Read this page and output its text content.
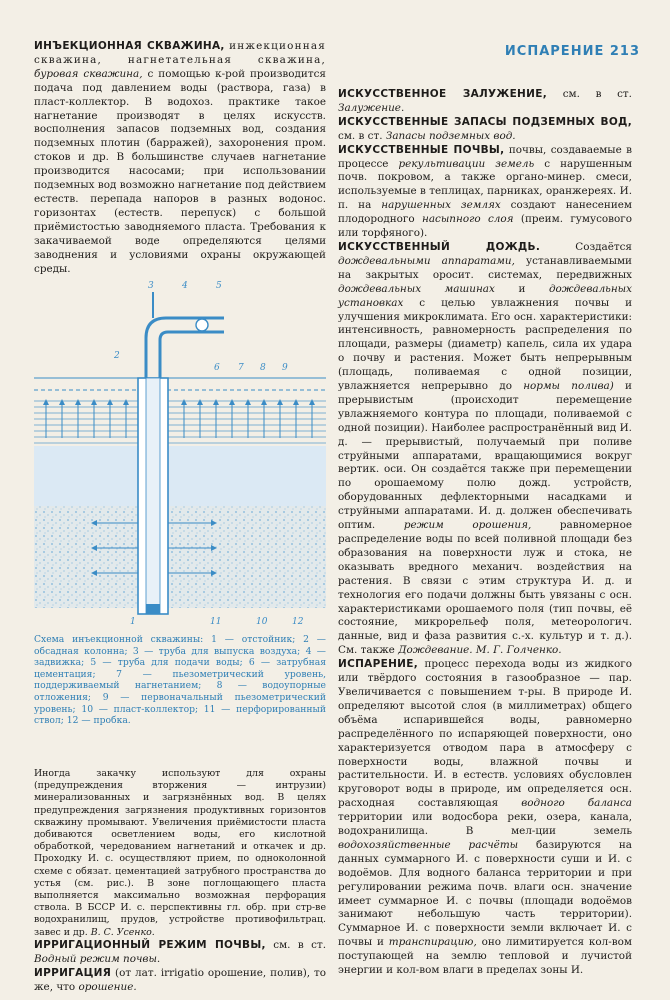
ИСПАРЕНИЕ 213

ИНЪЕКЦИОННАЯ СКВАЖИНА, инжекционная скважина, нагнетательная скважина, буровая скважина, с помощью к-рой производится подача под давлением воды (раствора, газа) в пласт-коллектор. В водохоз. практике такое нагнетание производят в целях искусств. восполнения запасов подземных вод, создания подземных плотин (барражей), захоронения пром. стоков и др. В большинстве случаев нагнетание производится насосами; при использовании подземных вод возможно нагнетание под действием естеств. перепада напоров в разных водонос. горизонтах (естеств. перепуск) с большой приёмистостью заводняемого пласта. Требования к закачиваемой воде определяются целями заводнения и условиями охраны окружающей среды.

3	4	5
2
6 7 8 9
1	11	10	12
Схема инъекционной скважины: 1 — отстойник; 2 — обсадная колонна; 3 — труба для выпуска воздуха; 4 — задвижка; 5 — труба для подачи воды; 6 — затрубная цементация; 7 — пьезометрический уровень, поддерживаемый нагнетанием; 8 — водоупорные отложения; 9 — первоначальный пьезометрический уровень; 10 — пласт-коллектор; 11 — перфорированный ствол; 12 — пробка.

Иногда закачку используют для охраны (предупреждения вторжения — интрузии) минерализованных и загрязнённых вод. В целях предупреждения загрязнения продуктивных горизонтов скважину промывают. Увеличения приёмистости пласта добиваются осветлением воды, его кислотной обработкой, чередованием нагнетаний и откачек и др. Проходку И. с. осуществляют прием, по одноколонной схеме с обязат. цементацией затрубного пространства до устья (см. рис.). В зоне поглощающего пласта выполняется максимально возможная перфорация ствола. В БССР И. с. перспективны гл. обр. при стр-ве водохранилищ, прудов, устройстве противофильтрац. завес и др. В. С. Усенко.

ИРРИГАЦИОННЫЙ РЕЖИМ ПОЧВЫ, см. в ст. Водный режим почвы.

ИРРИГАЦИЯ (от лат. irrigatio орошение, полив), то же, что орошение.

ИСКУССТВЕННОЕ ЗАЛУЖЕНИЕ, см. в ст. Залужение.

ИСКУССТВЕННЫЕ ЗАПАСЫ ПОДЗЕМНЫХ ВОД, см. в ст. Запасы подземных вод.

ИСКУССТВЕННЫЕ ПОЧВЫ, почвы, создаваемые в процессе рекультивации земель с нарушенным почв. покровом, а также органо-минер. смеси, используемые в теплицах, парниках, оранжереях. И. п. на нарушенных землях создают нанесением плодородного насыпного слоя (преим. гумусового или торфяного).

ИСКУССТВЕННЫЙ ДОЖДЬ.	Создаётся дождевальными аппаратами, устанавливаемыми на закрытых оросит. системах, передвижных дождевальных машинах и дождевальных установках с целью увлажнения почвы и улучшения микроклимата. Его осн. характеристики: интенсивность, равномерность распределения по площади, размеры (диаметр) капель, сила их удара о почву и растения. Может быть непрерывным (площадь, поливаемая с одной позиции, увлажняется непрерывно до нормы полива) и прерывистым (происходит перемещение увлажняемого контура по площади, поливаемой с одной позиции). Наиболее распространённый вид И. д. — прерывистый, получаемый при поливе струйными аппаратами, вращающимися вокруг вертик. оси. Он создаётся также при перемещении по орошаемому полю дожд. устройств, оборудованных дефлекторными насадками и струйными аппаратами. И. д. должен обеспечивать оптим.	режим орошения,	равномерное распределение воды по всей поливной площади без образования на поверхности луж и стока, не оказывать вредного механич. воздействия на растения. В связи с этим структура И. д. и технология его подачи должны быть увязаны с осн. характеристиками орошаемого поля (тип почвы, её состояние, микрорельеф поля, метеорологич. данные, вид и фаза развития с.-х. культур и т. д.). См. также Дождевание. М. Г. Голченко.

ИСПАРЕНИЕ, процесс перехода воды из жидкого или твёрдого состояния в газообразное — пар. Увеличивается с повышением т-ры. В природе И. определяют высотой слоя (в миллиметрах) общего объёма испарившейся воды, равномерно распределённого по испаряющей поверхности, оно характеризуется отводом пара в атмосферу с поверхности воды, влажной почвы и растительности. И. в естеств. условиях обусловлен круговорот воды в природе, им определяется осн. расходная составляющая водного баланса территории или водосбора реки, озера, канала, водохранилища. В мел-ции земель водохозяйственные расчёты базируются на данных суммарного И. с поверхности суши и И. с водоёмов. Для водного баланса территории и при регулировании режима почв. влаги осн. значение имеет суммарное И. с почвы (площади водоёмов занимают небольшую часть территории). Суммарное И. с поверхности земли включает И. с почвы и транспирацию, оно лимитируется кол-вом поступающей на землю тепловой и лучистой энергии и кол-вом влаги в пределах зоны И.
